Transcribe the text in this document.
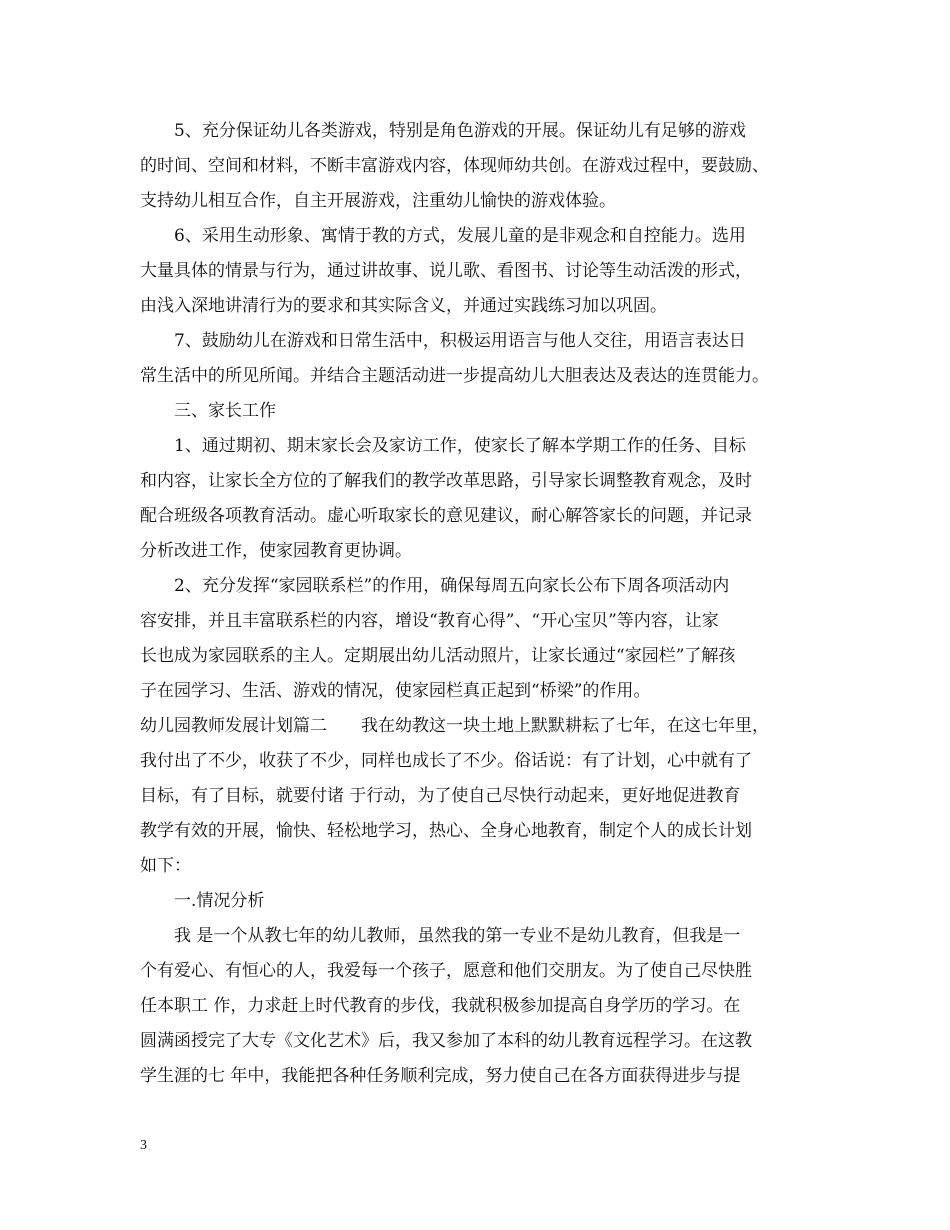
5、充分保证幼儿各类游戏，特别是角色游戏的开展。保证幼儿有足够的游戏
的时间、空间和材料，不断丰富游戏内容，体现师幼共创。在游戏过程中，要鼓励、
支持幼儿相互合作，自主开展游戏，注重幼儿愉快的游戏体验。
6、采用生动形象、寓情于教的方式，发展儿童的是非观念和自控能力。选用
大量具体的情景与行为，通过讲故事、说儿歌、看图书、讨论等生动活泼的形式，
由浅入深地讲清行为的要求和其实际含义，并通过实践练习加以巩固。
7、鼓励幼儿在游戏和日常生活中，积极运用语言与他人交往，用语言表达日
常生活中的所见所闻。并结合主题活动进一步提高幼儿大胆表达及表达的连贯能力。
三、家长工作
1、通过期初、期末家长会及家访工作，使家长了解本学期工作的任务、目标
和内容，让家长全方位的了解我们的教学改革思路，引导家长调整教育观念，及时
配合班级各项教育活动。虚心听取家长的意见建议，耐心解答家长的问题，并记录
分析改进工作，使家园教育更协调。
2、充分发挥“家园联系栏”的作用，确保每周五向家长公布下周各项活动内
容安排，并且丰富联系栏的内容，增设“教育心得”、“开心宝贝”等内容，让家
长也成为家园联系的主人。定期展出幼儿活动照片，让家长通过“家园栏”了解孩
子在园学习、生活、游戏的情况，使家园栏真正起到“桥梁”的作用。
幼儿园教师发展计划篇二　　我在幼教这一块土地上默默耕耘了七年，在这七年里，
我付出了不少，收获了不少，同样也成长了不少。俗话说：有了计划，心中就有了
目标，有了目标，就要付诸 于行动，为了使自己尽快行动起来，更好地促进教育
教学有效的开展，愉快、轻松地学习，热心、全身心地教育，制定个人的成长计划
如下：
一.情况分析
我 是一个从教七年的幼儿教师，虽然我的第一专业不是幼儿教育，但我是一
个有爱心、有恒心的人，我爱每一个孩子，愿意和他们交朋友。为了使自己尽快胜
任本职工 作，力求赶上时代教育的步伐，我就积极参加提高自身学历的学习。在
圆满函授完了大专《文化艺术》后，我又参加了本科的幼儿教育远程学习。在这教
学生涯的七 年中，我能把各种任务顺利完成，努力使自己在各方面获得进步与提
3
